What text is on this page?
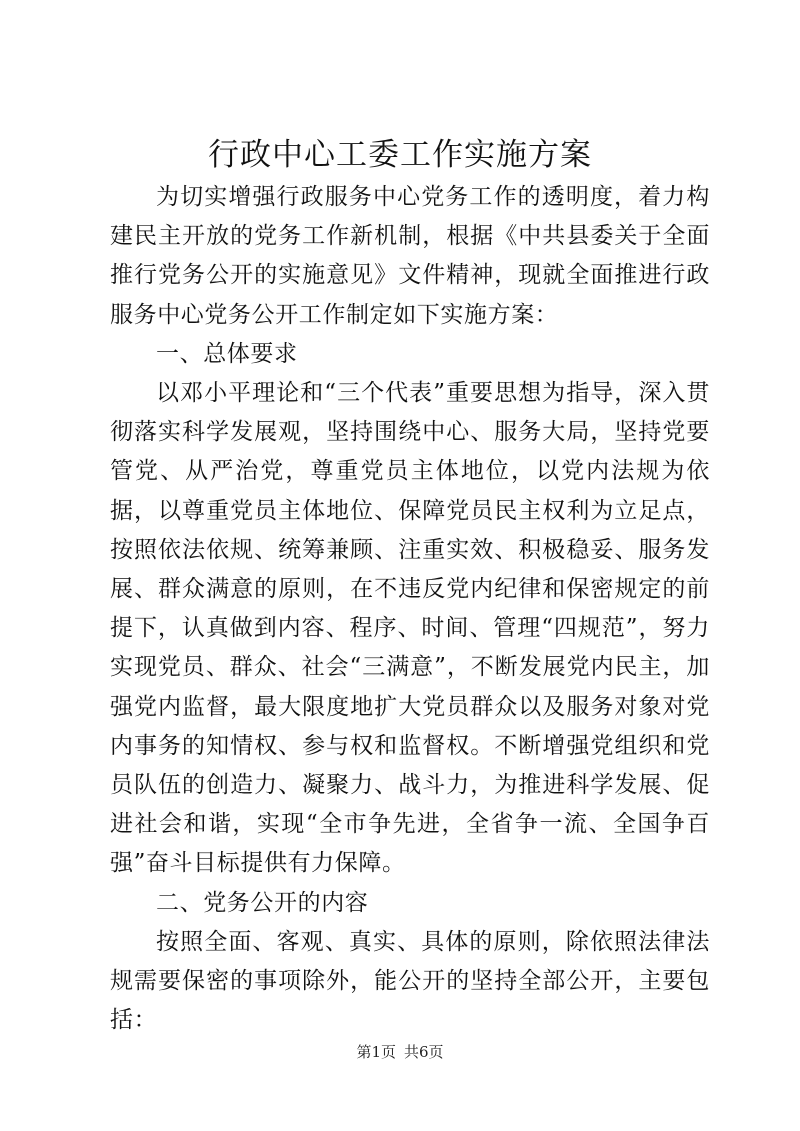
行政中心工委工作实施方案

为切实增强行政服务中心党务工作的透明度，着力构建民主开放的党务工作新机制，根据《中共县委关于全面推行党务公开的实施意见》文件精神，现就全面推进行政服务中心党务公开工作制定如下实施方案：

一、总体要求

以邓小平理论和“三个代表”重要思想为指导，深入贯彻落实科学发展观，坚持围绕中心、服务大局，坚持党要管党、从严治党，尊重党员主体地位，以党内法规为依据，以尊重党员主体地位、保障党员民主权利为立足点，按照依法依规、统筹兼顾、注重实效、积极稳妥、服务发展、群众满意的原则，在不违反党内纪律和保密规定的前提下，认真做到内容、程序、时间、管理“四规范”，努力实现党员、群众、社会“三满意”，不断发展党内民主，加强党内监督，最大限度地扩大党员群众以及服务对象对党内事务的知情权、参与权和监督权。不断增强党组织和党员队伍的创造力、凝聚力、战斗力，为推进科学发展、促进社会和谐，实现“全市争先进，全省争一流、全国争百强”奋斗目标提供有力保障。

二、党务公开的内容

按照全面、客观、真实、具体的原则，除依照法律法规需要保密的事项除外，能公开的坚持全部公开，主要包括：

第1页 共6页
